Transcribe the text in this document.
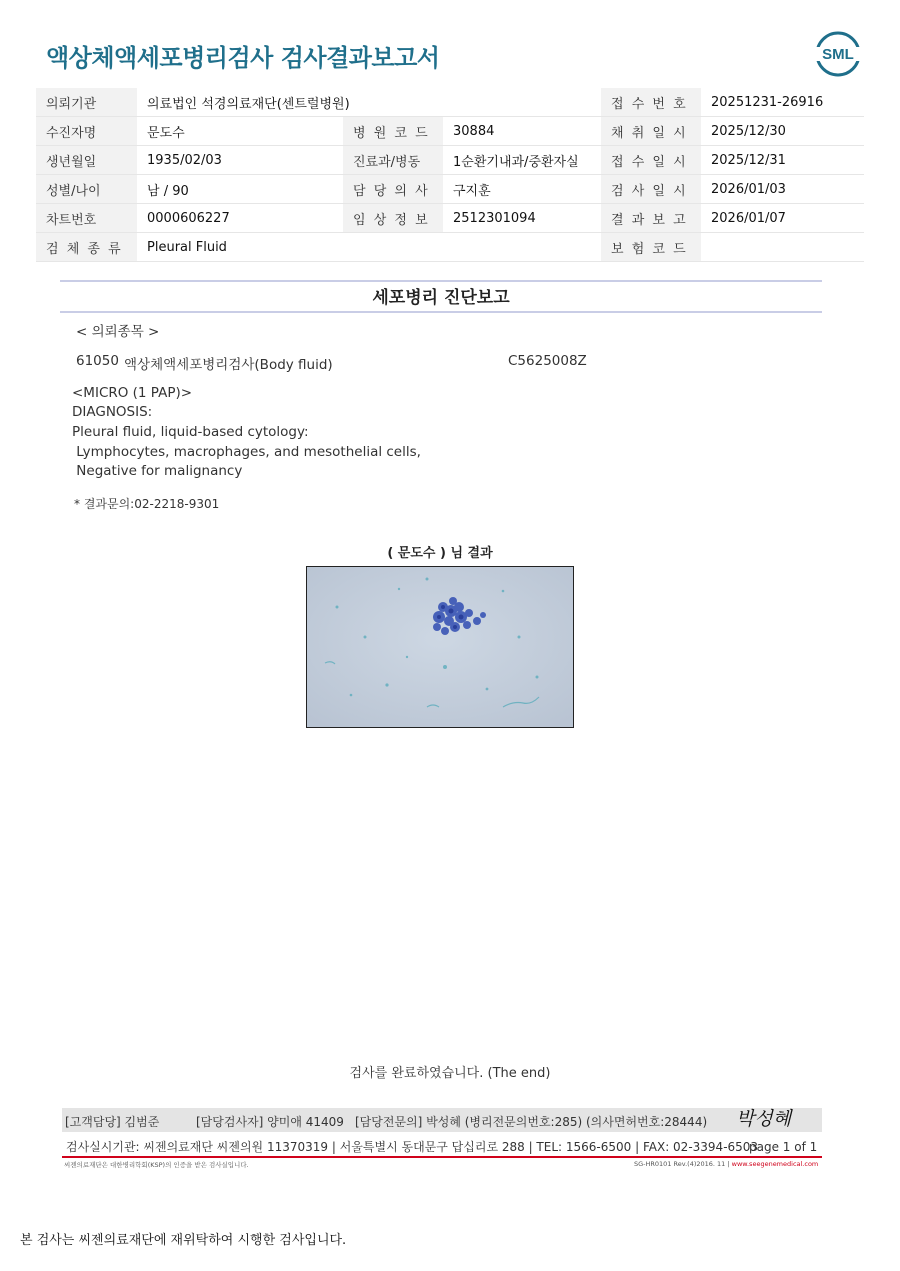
액상체액세포병리검사 검사결과보고서	SML
의뢰기관	의료법인 석경의료재단(센트럴병원)			접 수 번 호	20251231-26916
수진자명	문도수	병 원 코 드	30884	채 취 일 시	2025/12/30
생년월일	1935/02/03	진료과/병동	1순환기내과/중환자실	접 수 일 시	2025/12/31
성별/나이	남 / 90	담 당 의 사	구지훈	검 사 일 시	2026/01/03
차트번호	0000606227	임 상 정 보	2512301094	결 과 보 고	2026/01/07
검 체 종 류	Pleural Fluid			보 험 코 드	
세포병리 진단보고
< 의뢰종목 >
61050 액상체액세포병리검사(Body fluid)	C5625008Z
<MICRO (1 PAP)>
DIAGNOSIS:
Pleural fluid, liquid-based cytology:
Lymphocytes, macrophages, and mesothelial cells,
Negative for malignancy
* 결과문의:02-2218-9301
( 문도수 ) 님 결과
검사를 완료하였습니다. (The end)
[고객담당] 김범준	[담당검사자] 양미애 41409 [담당전문의] 박성혜 (병리전문의번호:285) (의사면허번호:28444) 박성혜
검사실시기관: 씨젠의료재단 씨젠의원 11370319 | 서울특별시 동대문구 답십리로 288 | TEL: 1566-6500 | FAX: 02-3394-6503
page 1 of 1
씨젠의료재단은 대한병리학회(KSP)의 인증을 받은 검사실입니다.	SG-HR0101 Rev.(4)2016. 11 | www.seegenemedical.com
본 검사는 씨젠의료재단에 재위탁하여 시행한 검사입니다.
